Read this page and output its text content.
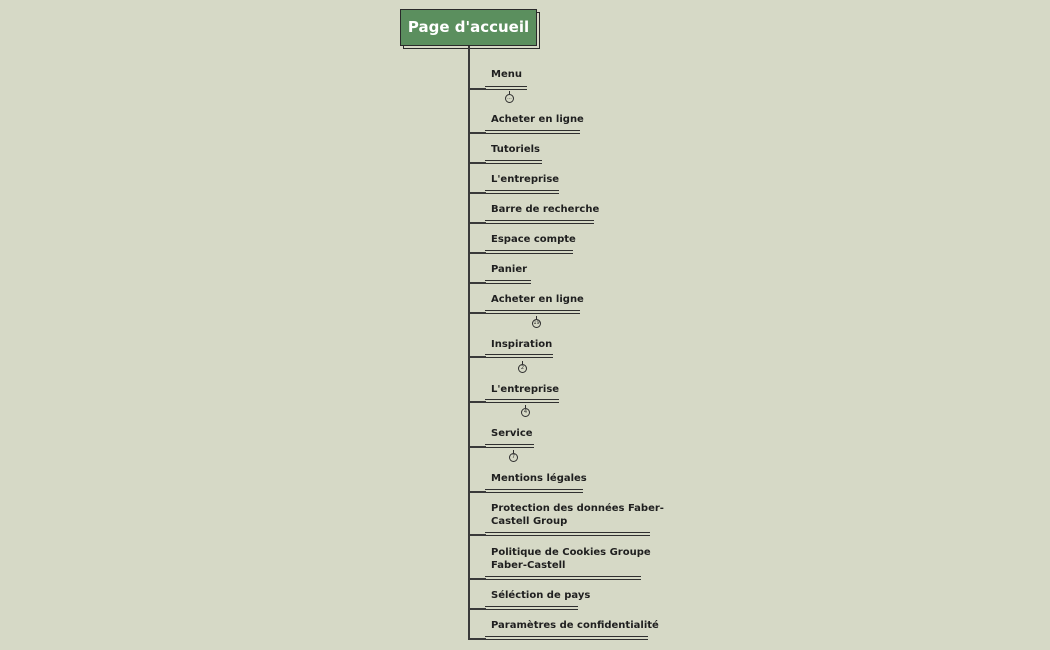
Page d'accueil
Menu
...
Acheter en ligne
Tutoriels
L'entreprise
Barre de recherche
Espace compte
Panier
Acheter en ligne
19
Inspiration
2
L'entreprise
4
Service
7
Mentions légales
Protection des données Faber-
Castell Group
Politique de Cookies Groupe
Faber-Castell
Séléction de pays
Paramètres de confidentialité
